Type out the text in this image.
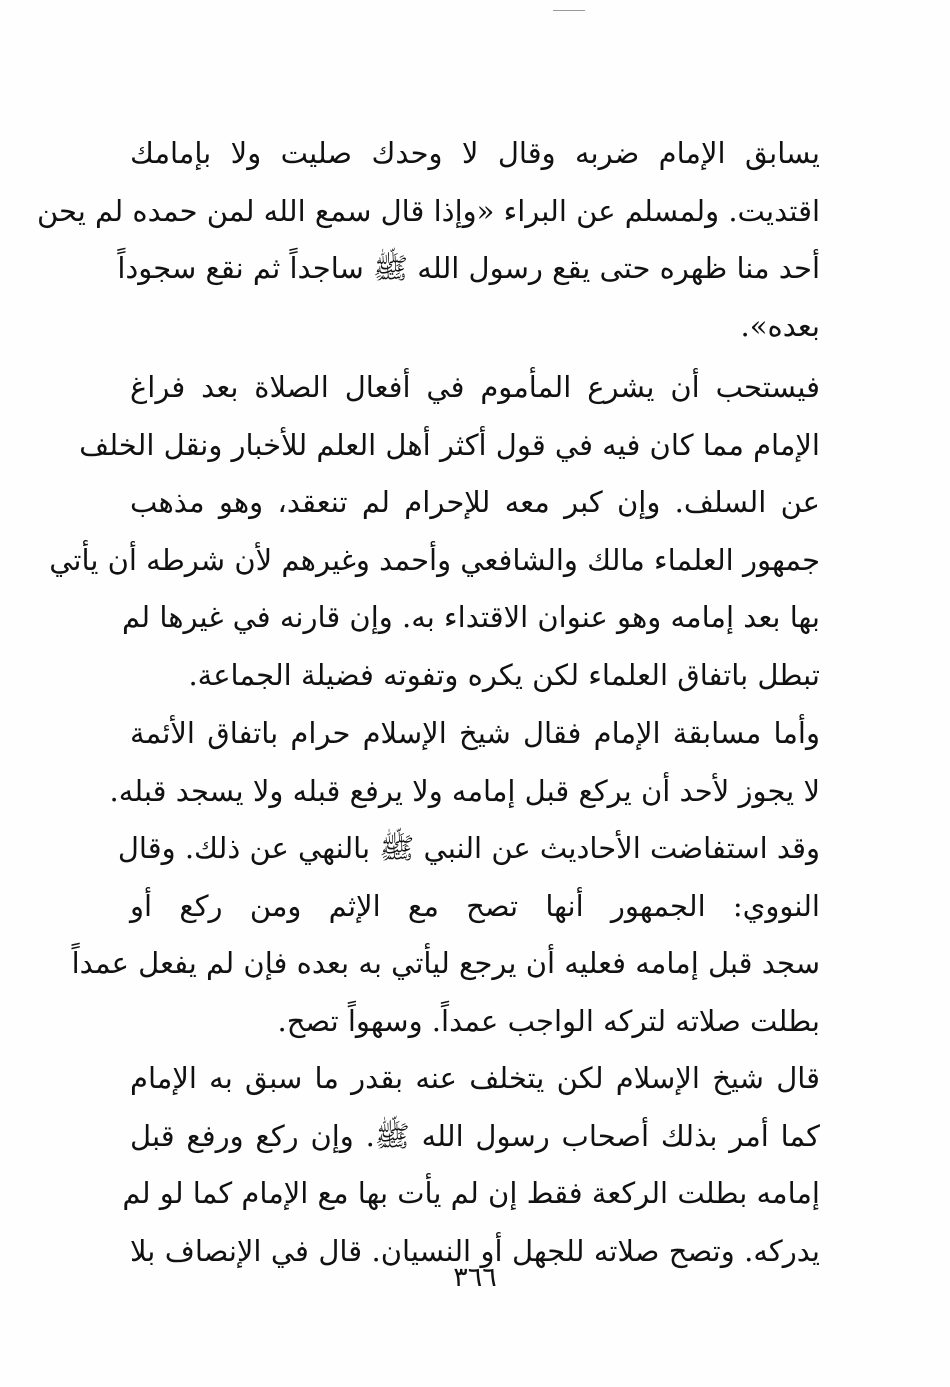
يسابق الإمام ضربه وقال لا وحدك صليت ولا بإمامك
اقتديت. ولمسلم عن البراء «وإذا قال سمع الله لمن حمده لم يحن
أحد منا ظهره حتى يقع رسول الله ﷺ ساجداً ثم نقع سجوداً
بعده».
فيستحب أن يشرع المأموم في أفعال الصلاة بعد فراغ
الإمام مما كان فيه في قول أكثر أهل العلم للأخبار ونقل الخلف
عن السلف. وإن كبر معه للإحرام لم تنعقد، وهو مذهب
جمهور العلماء مالك والشافعي وأحمد وغيرهم لأن شرطه أن يأتي
بها بعد إمامه وهو عنوان الاقتداء به. وإن قارنه في غيرها لم
تبطل باتفاق العلماء لكن يكره وتفوته فضيلة الجماعة.
وأما مسابقة الإمام فقال شيخ الإسلام حرام باتفاق الأئمة
لا يجوز لأحد أن يركع قبل إمامه ولا يرفع قبله ولا يسجد قبله.
وقد استفاضت الأحاديث عن النبي ﷺ بالنهي عن ذلك. وقال
النووي: الجمهور أنها تصح مع الإثم ومن ركع أو
سجد قبل إمامه فعليه أن يرجع ليأتي به بعده فإن لم يفعل عمداً
بطلت صلاته لتركه الواجب عمداً. وسهواً تصح.
قال شيخ الإسلام لكن يتخلف عنه بقدر ما سبق به الإمام
كما أمر بذلك أصحاب رسول الله ﷺ. وإن ركع ورفع قبل
إمامه بطلت الركعة فقط إن لم يأت بها مع الإمام كما لو لم
يدركه. وتصح صلاته للجهل أو النسيان. قال في الإنصاف بلا
٣٦٦
